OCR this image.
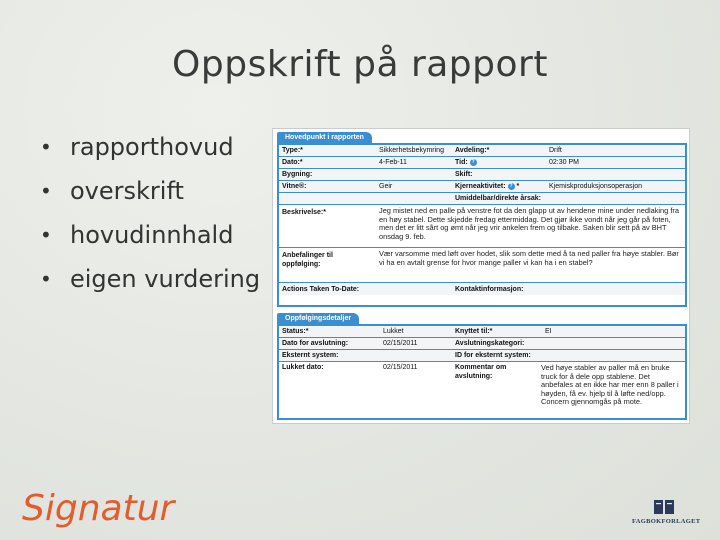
Oppskrift på rapport
• rapporthovud
• overskrift
• hovudinnhald
• eigen vurdering
Hovedpunkt i rapporten
Type:*	Sikkerhetsbekymring Avdeling:*	Drift
Dato:*	4-Feb-11	Tid: ?	02:30 PM
Bygning:	Skift:
Vitne®:	Geir	Kjerneaktivitet: ? *	Kjemiskproduksjonsoperasjon
Umiddelbar/direkte årsak:
Beskrivelse:*	Jeg mistet ned en palle på venstre fot da den glapp ut av hendene mine under nedlaking fra en høy stabel. Dette skjedde fredag ettermiddag. Det gjør ikke vondt når jeg går på foten, men det er litt sårt og ømt når jeg vrir ankelen frem og tilbake. Saken blir sett på av BHT onsdag 9. feb.
Anbefalinger til oppfølging:
Vær varsomme med løft over hodet, slik som dette med å ta ned paller fra høye stabler. Bør vi ha en avtalt grense for hvor mange paller vi kan ha i en stabel?
Actions Taken To-Date:	Kontaktinformasjon:
Oppfølgingsdetaljer
Status:*	Lukket	Knyttet til:*	EI
Dato for avslutning:	02/15/2011	Avslutningskategori:
Eksternt system:	ID for eksternt system:
Lukket dato:	02/15/2011	Kommentar om avslutning:
Ved høye stabler av paller må en bruke truck for å dele opp stablene. Det anbefales at en ikke har mer enn 8 paller i høyden, få ev. hjelp til å løfte ned/opp. Concern gjennomgås på mote.
Signatur	FAGBOKFORLAGET
